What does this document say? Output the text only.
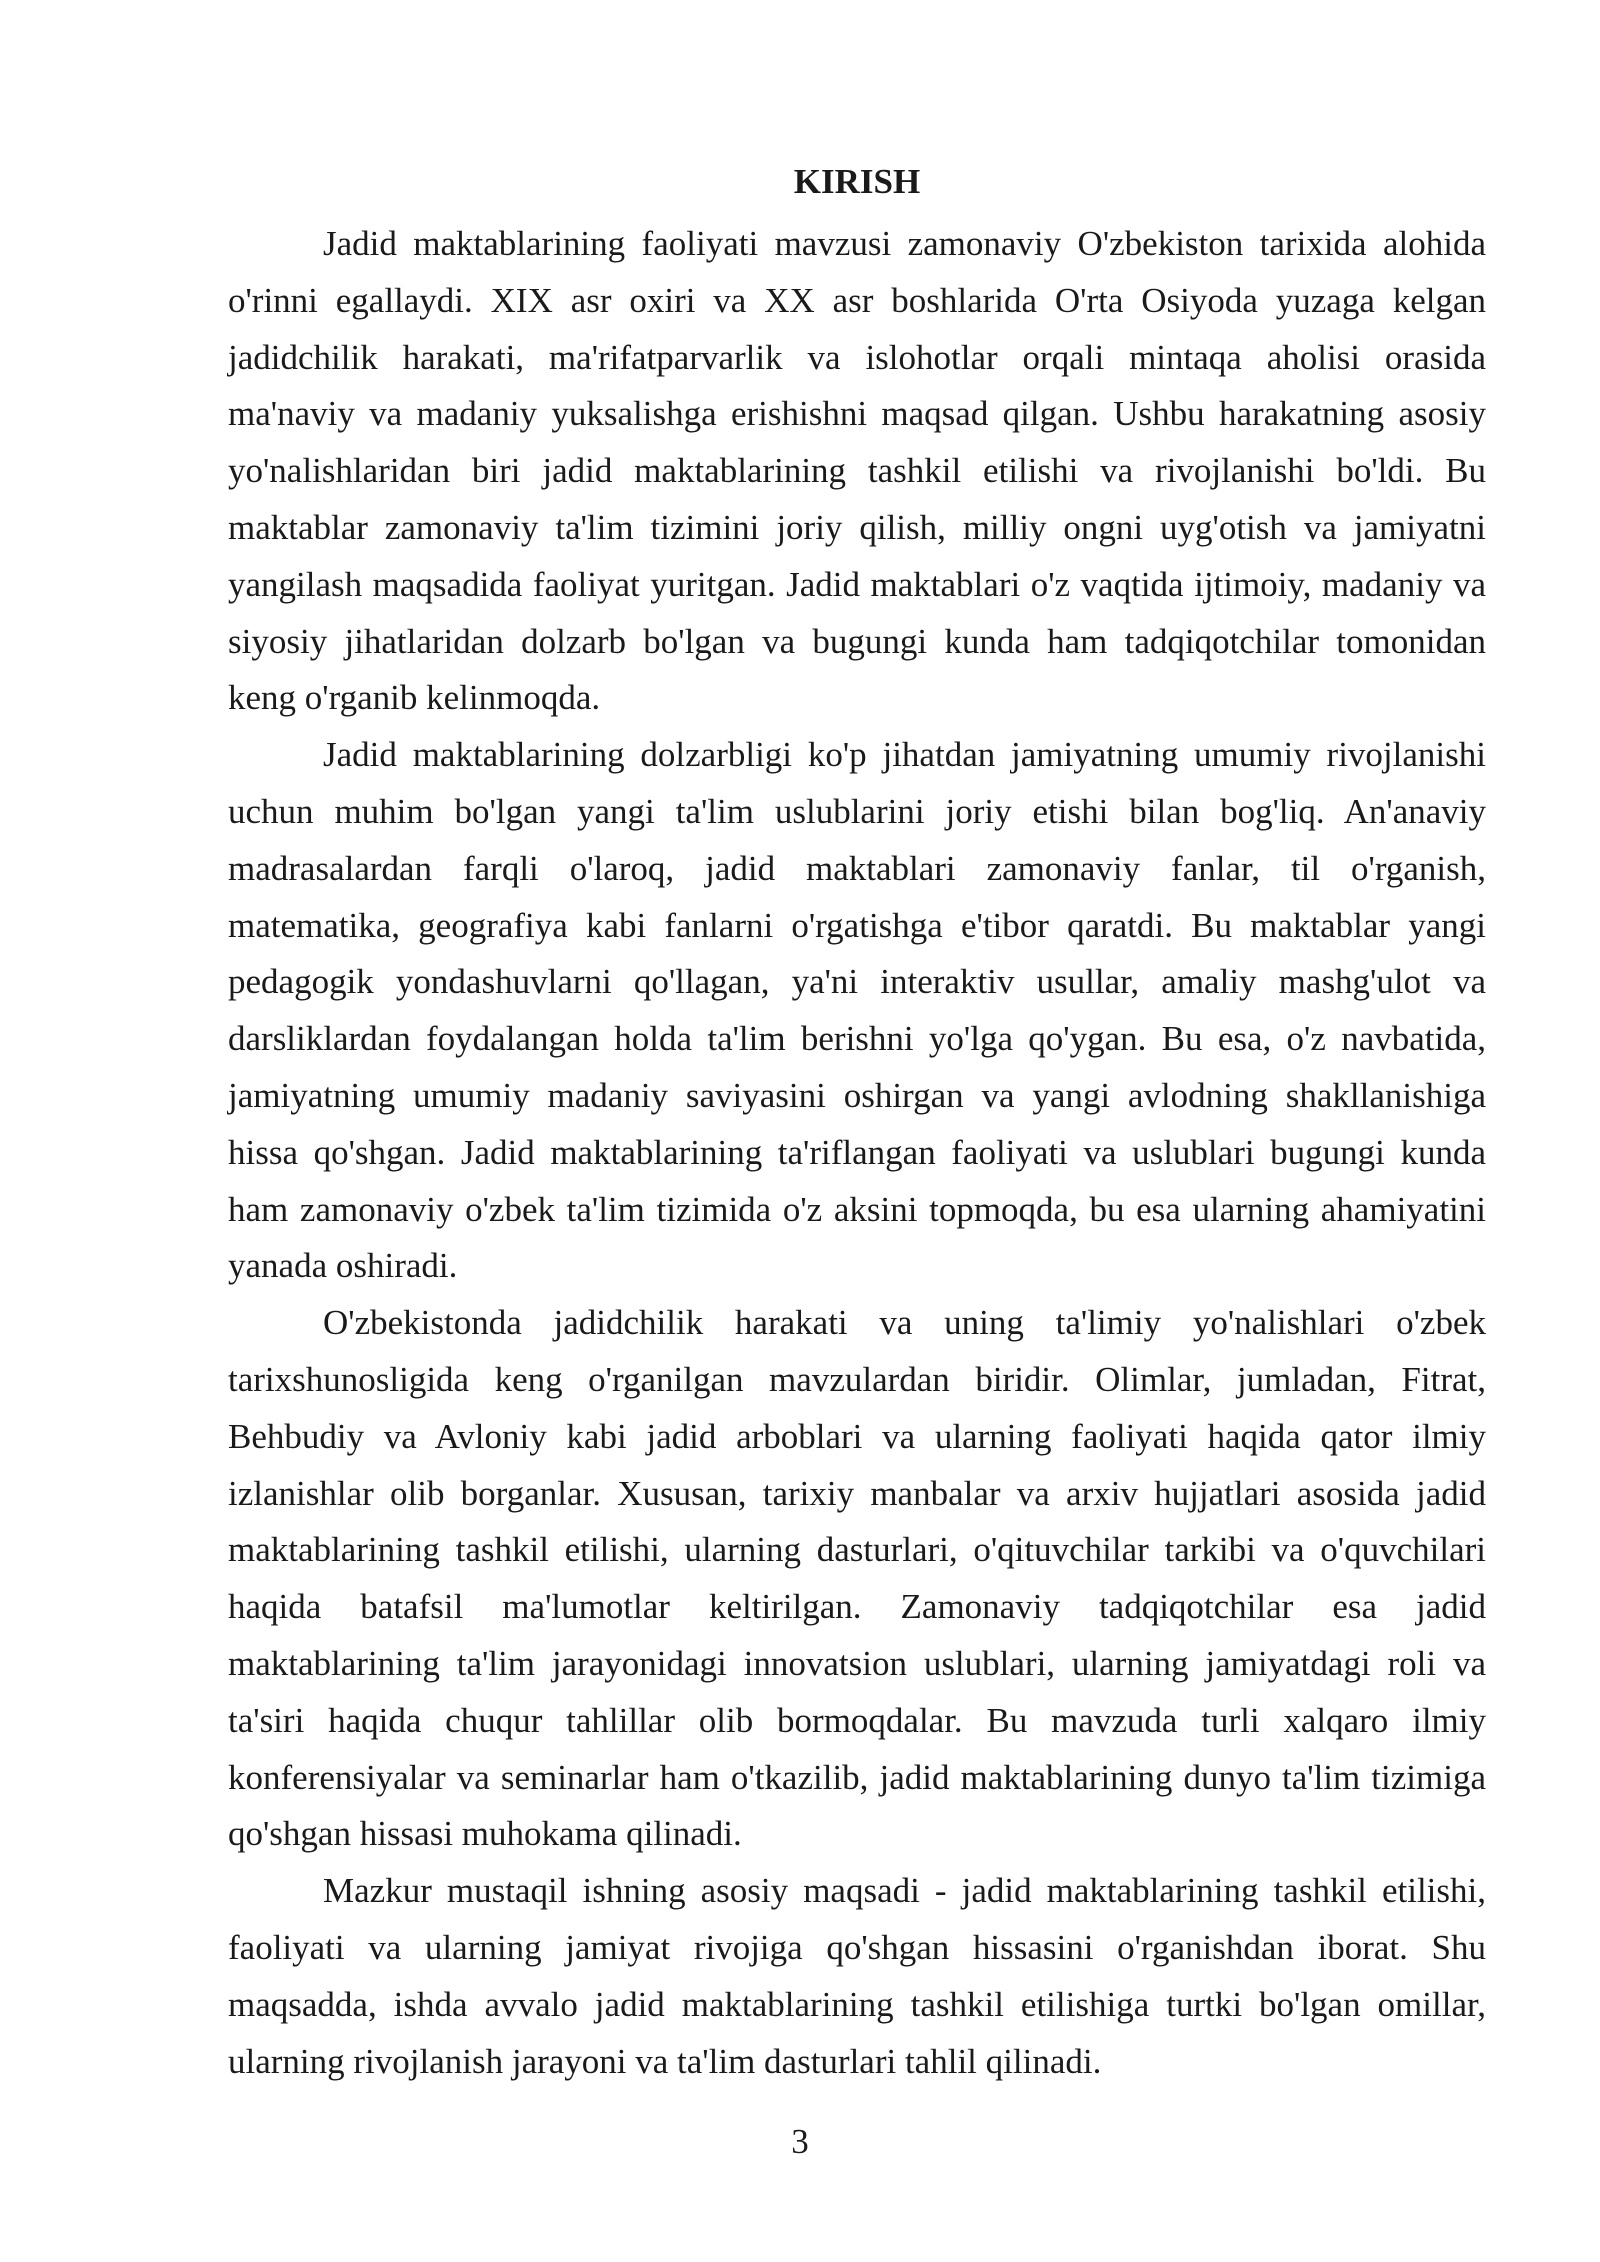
KIRISH

Jadid maktablarining faoliyati mavzusi zamonaviy O'zbekiston tarixida alohida o'rinni egallaydi. XIX asr oxiri va XX asr boshlarida O'rta Osiyoda yuzaga kelgan jadidchilik harakati, ma'rifatparvarlik va islohotlar orqali mintaqa aholisi orasida ma'naviy va madaniy yuksalishga erishishni maqsad qilgan. Ushbu harakatning asosiy yo'nalishlaridan biri jadid maktablarining tashkil etilishi va rivojlanishi bo'ldi. Bu maktablar zamonaviy ta'lim tizimini joriy qilish, milliy ongni uyg'otish va jamiyatni yangilash maqsadida faoliyat yuritgan. Jadid maktablari o'z vaqtida ijtimoiy, madaniy va siyosiy jihatlaridan dolzarb bo'lgan va bugungi kunda ham tadqiqotchilar tomonidan keng o'rganib kelinmoqda.

Jadid maktablarining dolzarbligi ko'p jihatdan jamiyatning umumiy rivojlanishi uchun muhim bo'lgan yangi ta'lim uslublarini joriy etishi bilan bog'liq. An'anaviy madrasalardan farqli o'laroq, jadid maktablari zamonaviy fanlar, til o'rganish, matematika, geografiya kabi fanlarni o'rgatishga e'tibor qaratdi. Bu maktablar yangi pedagogik yondashuvlarni qo'llagan, ya'ni interaktiv usullar, amaliy mashg'ulot va darsliklardan foydalangan holda ta'lim berishni yo'lga qo'ygan. Bu esa, o'z navbatida, jamiyatning umumiy madaniy saviyasini oshirgan va yangi avlodning shakllanishiga hissa qo'shgan. Jadid maktablarining ta'riflangan faoliyati va uslublari bugungi kunda ham zamonaviy o'zbek ta'lim tizimida o'z aksini topmoqda, bu esa ularning ahamiyatini yanada oshiradi.

O'zbekistonda jadidchilik harakati va uning ta'limiy yo'nalishlari o'zbek tarixshunosligida keng o'rganilgan mavzulardan biridir. Olimlar, jumladan, Fitrat, Behbudiy va Avloniy kabi jadid arboblari va ularning faoliyati haqida qator ilmiy izlanishlar olib borganlar. Xususan, tarixiy manbalar va arxiv hujjatlari asosida jadid maktablarining tashkil etilishi, ularning dasturlari, o'qituvchilar tarkibi va o'quvchilari haqida batafsil ma'lumotlar keltirilgan. Zamonaviy tadqiqotchilar esa jadid maktablarining ta'lim jarayonidagi innovatsion uslublari, ularning jamiyatdagi roli va ta'siri haqida chuqur tahlillar olib bormoqdalar. Bu mavzuda turli xalqaro ilmiy konferensiyalar va seminarlar ham o'tkazilib, jadid maktablarining dunyo ta'lim tizimiga qo'shgan hissasi muhokama qilinadi.

Mazkur mustaqil ishning asosiy maqsadi - jadid maktablarining tashkil etilishi, faoliyati va ularning jamiyat rivojiga qo'shgan hissasini o'rganishdan iborat. Shu maqsadda, ishda avvalo jadid maktablarining tashkil etilishiga turtki bo'lgan omillar, ularning rivojlanish jarayoni va ta'lim dasturlari tahlil qilinadi.

3
